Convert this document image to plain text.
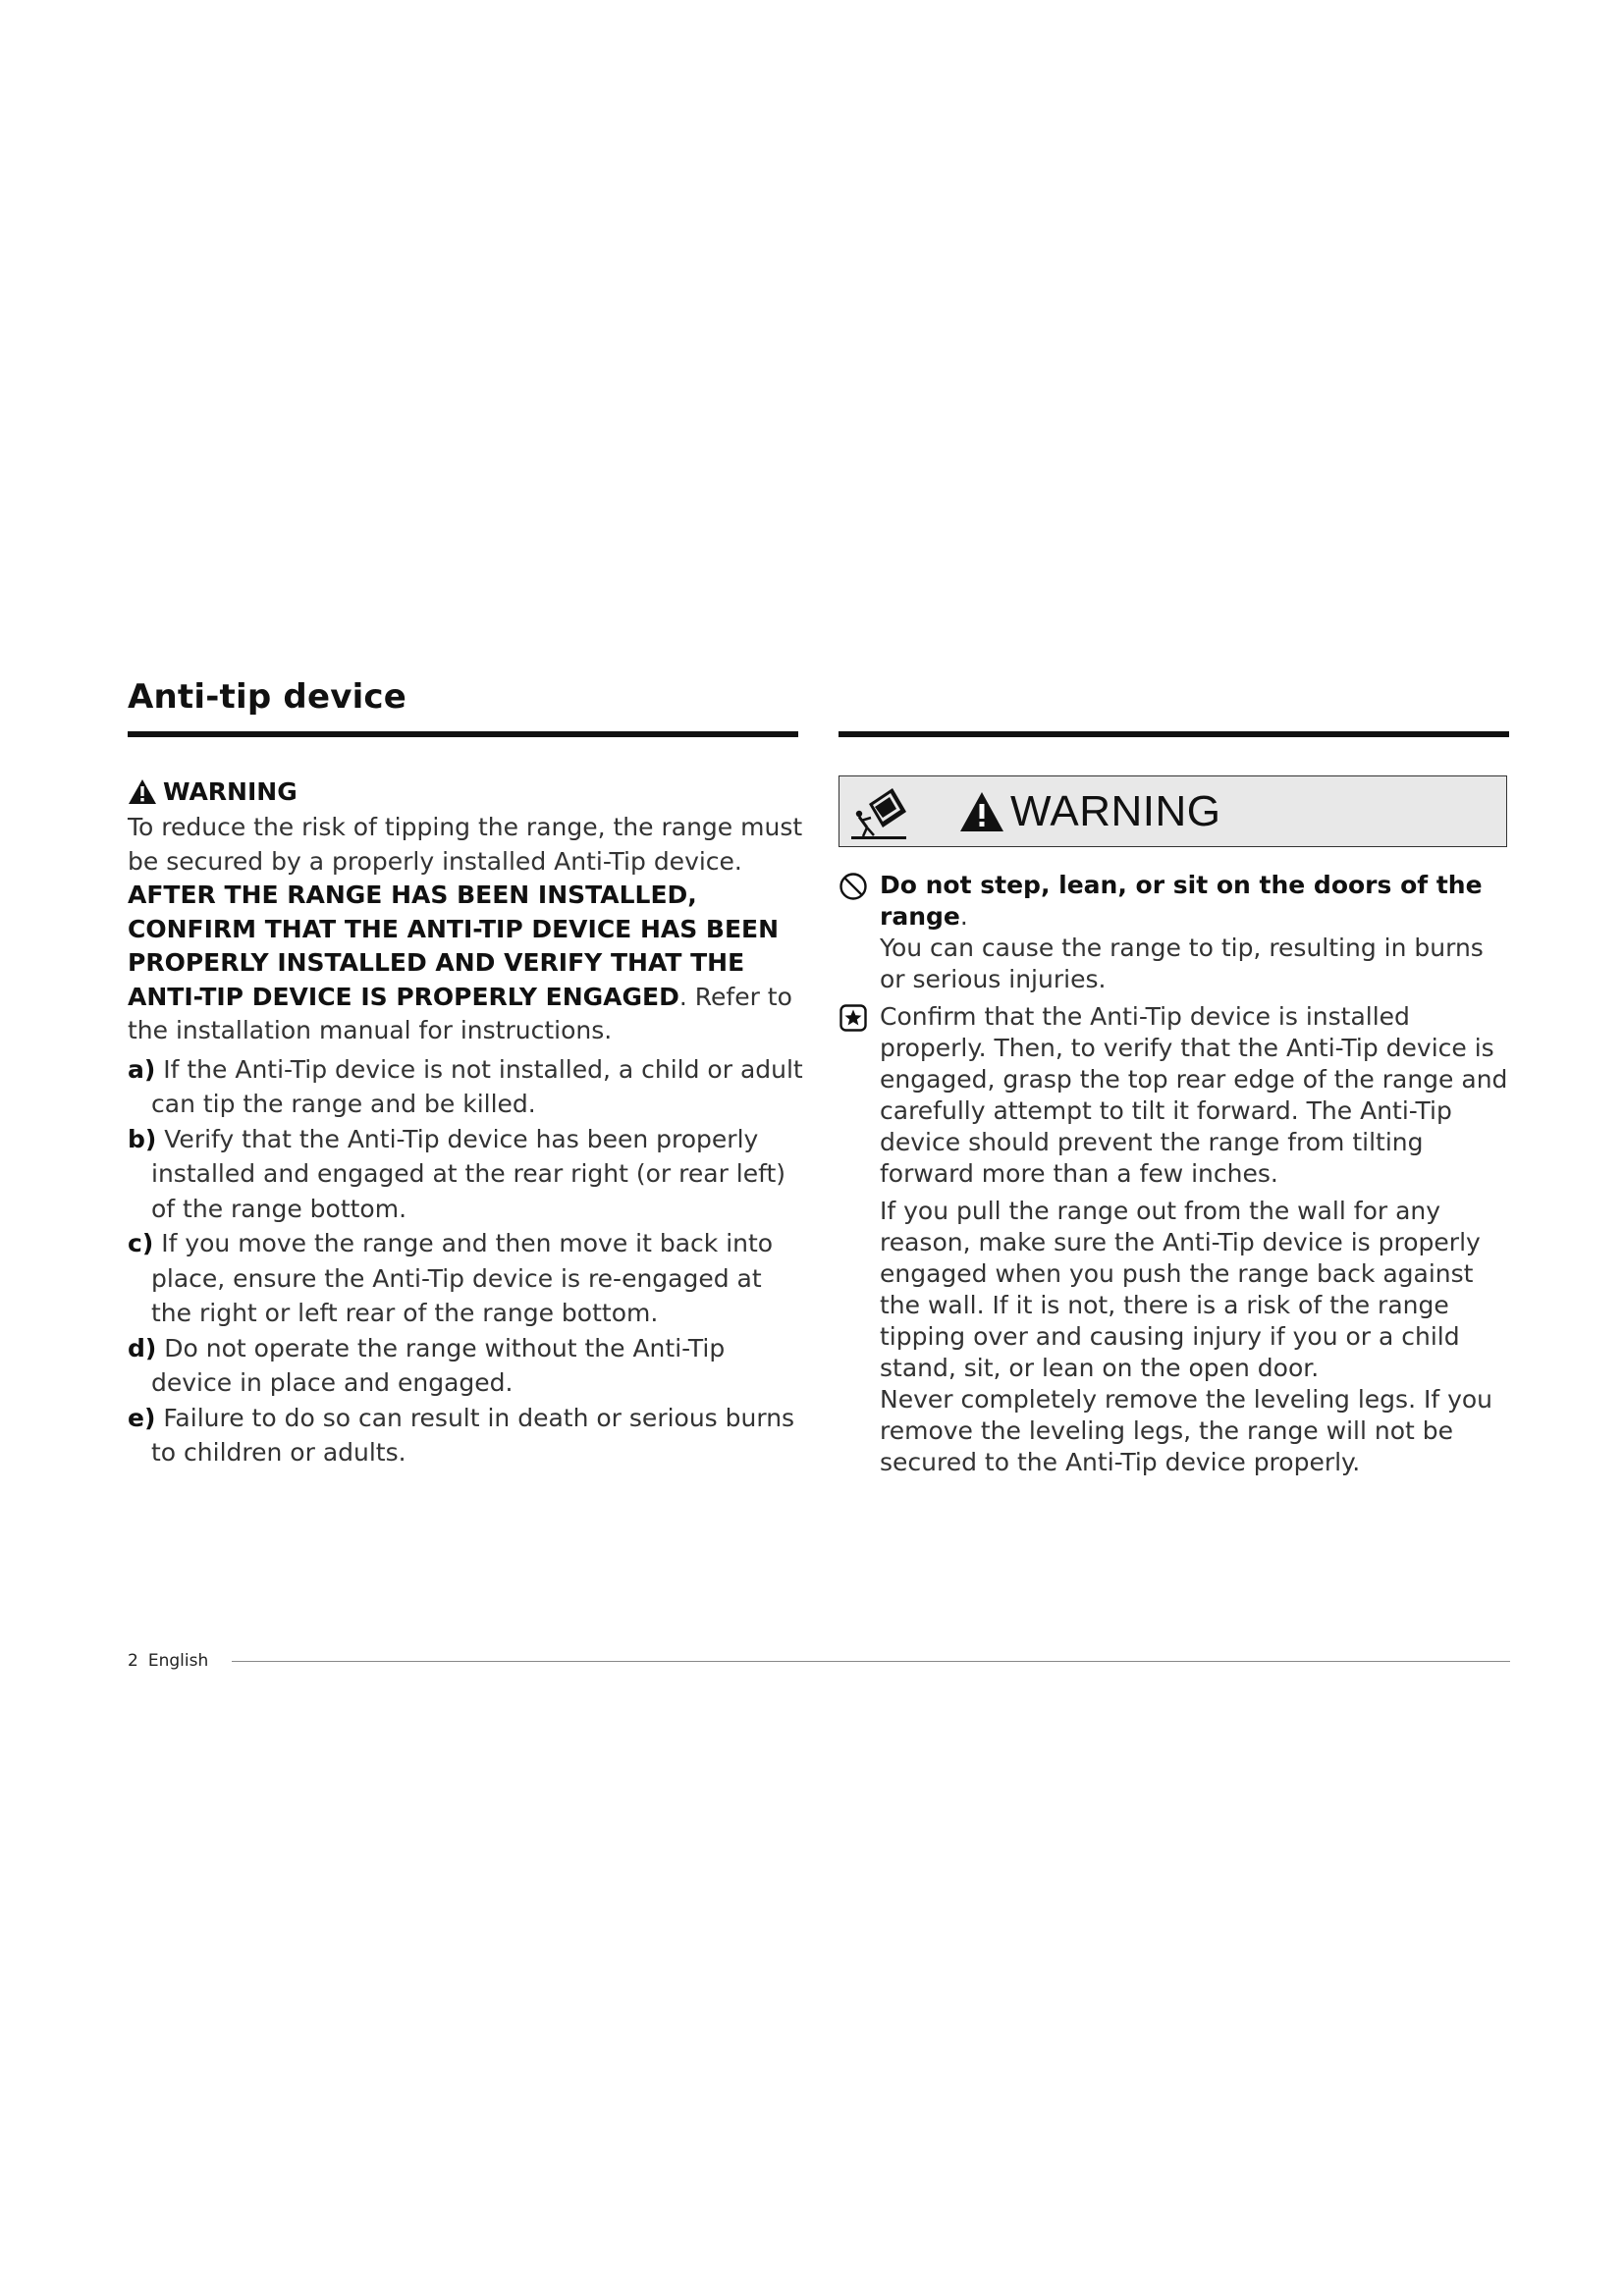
Anti-tip device
WARNING

To reduce the risk of tipping the range, the range must be secured by a properly installed Anti-Tip device. AFTER THE RANGE HAS BEEN INSTALLED, CONFIRM THAT THE ANTI-TIP DEVICE HAS BEEN PROPERLY INSTALLED AND VERIFY THAT THE ANTI-TIP DEVICE IS PROPERLY ENGAGED. Refer to the installation manual for instructions.

a) If the Anti-Tip device is not installed, a child or adult can tip the range and be killed.

b) Verify that the Anti-Tip device has been properly installed and engaged at the rear right (or rear left) of the range bottom.

c) If you move the range and then move it back into place, ensure the Anti-Tip device is re-engaged at the right or left rear of the range bottom.

d) Do not operate the range without the Anti-Tip device in place and engaged.

e) Failure to do so can result in death or serious burns to children or adults.

WARNING

Do not step, lean, or sit on the doors of the range.

You can cause the range to tip, resulting in burns or serious injuries.

Confirm that the Anti-Tip device is installed properly. Then, to verify that the Anti-Tip device is engaged, grasp the top rear edge of the range and carefully attempt to tilt it forward. The Anti-Tip device should prevent the range from tilting forward more than a few inches.

If you pull the range out from the wall for any reason, make sure the Anti-Tip device is properly engaged when you push the range back against the wall. If it is not, there is a risk of the range tipping over and causing injury if you or a child stand, sit, or lean on the open door.

Never completely remove the leveling legs. If you remove the leveling legs, the range will not be secured to the Anti-Tip device properly.

2 English
